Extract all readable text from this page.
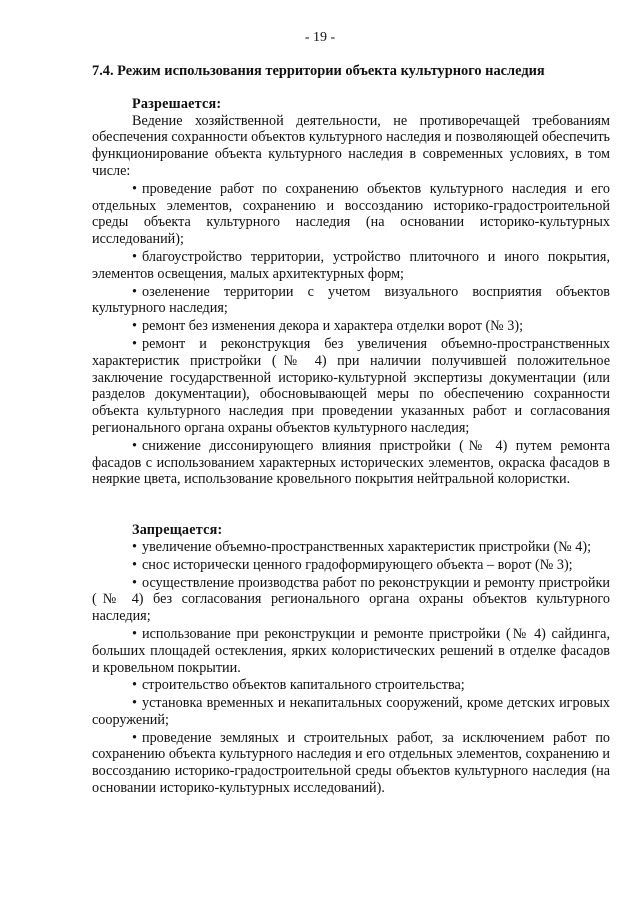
- 19 -
7.4. Режим использования территории объекта культурного наследия
Разрешается:

Ведение хозяйственной деятельности, не противоречащей требованиям обеспечения сохранности объектов культурного наследия и позволяющей обеспечить функционирование объекта культурного наследия в современных условиях, в том числе:

• проведение работ по сохранению объектов культурного наследия и его отдельных элементов, сохранению и воссозданию историко-градостроительной среды объекта культурного наследия (на основании историко-культурных исследований);

• благоустройство территории, устройство плиточного и иного покрытия, элементов освещения, малых архитектурных форм;

• озеленение территории с учетом визуального восприятия объектов культурного наследия;

• ремонт без изменения декора и характера отделки ворот (№ 3);

• ремонт и реконструкция без увеличения объемно-пространственных характеристик пристройки (№ 4) при наличии получившей положительное заключение государственной историко-культурной экспертизы документации (или разделов документации), обосновывающей меры по обеспечению сохранности объекта культурного наследия при проведении указанных работ и согласования регионального органа охраны объектов культурного наследия;

• снижение диссонирующего влияния пристройки (№ 4) путем ремонта фасадов с использованием характерных исторических элементов, окраска фасадов в неяркие цвета, использование кровельного покрытия нейтральной колористки.

Запрещается:

• увеличение объемно-пространственных характеристик пристройки (№ 4);

• снос исторически ценного градоформирующего объекта – ворот (№ 3);

• осуществление производства работ по реконструкции и ремонту пристройки (№ 4) без согласования регионального органа охраны объектов культурного наследия;

• использование при реконструкции и ремонте пристройки (№ 4) сайдинга, больших площадей остекления, ярких колористических решений в отделке фасадов и кровельном покрытии.

• строительство объектов капитального строительства;

• установка временных и некапитальных сооружений, кроме детских игровых сооружений;

• проведение земляных и строительных работ, за исключением работ по сохранению объекта культурного наследия и его отдельных элементов, сохранению и воссозданию историко-градостроительной среды объектов культурного наследия (на основании историко-культурных исследований).
